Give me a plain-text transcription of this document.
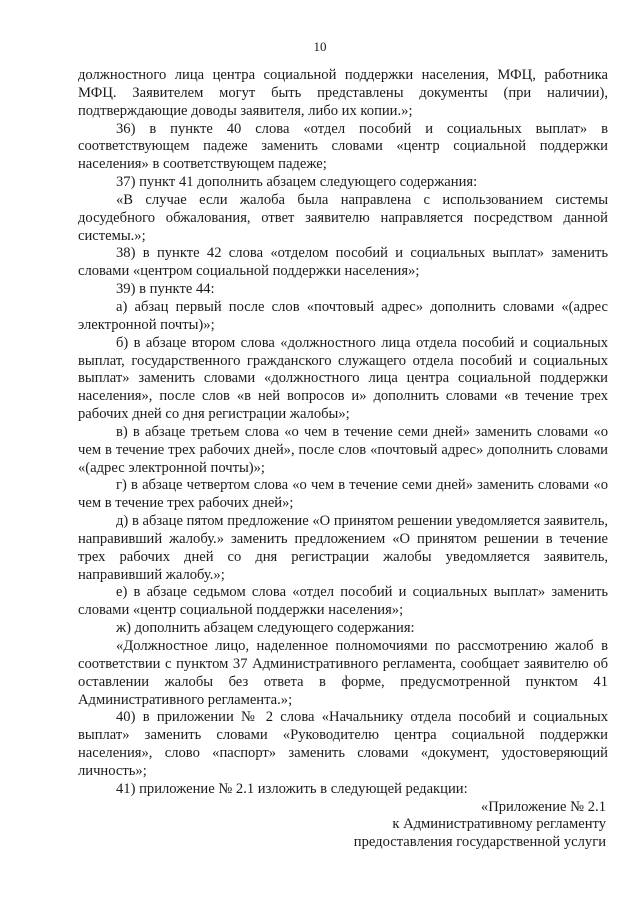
10

должностного лица центра социальной поддержки населения, МФЦ, работника МФЦ. Заявителем могут быть представлены документы (при наличии), подтверждающие доводы заявителя, либо их копии.»;

36) в пункте 40 слова «отдел пособий и социальных выплат» в соответствующем падеже заменить словами «центр социальной поддержки населения» в соответствующем падеже;

37) пункт 41 дополнить абзацем следующего содержания:

«В случае если жалоба была направлена с использованием системы досудебного обжалования, ответ заявителю направляется посредством данной системы.»;

38) в пункте 42 слова «отделом пособий и социальных выплат» заменить словами «центром социальной поддержки населения»;

39) в пункте 44:

а) абзац первый после слов «почтовый адрес» дополнить словами «(адрес электронной почты)»;

б) в абзаце втором слова «должностного лица отдела пособий и социальных выплат, государственного гражданского служащего отдела пособий и социальных выплат» заменить словами «должностного лица центра социальной поддержки населения», после слов «в ней вопросов и» дополнить словами «в течение трех рабочих дней со дня регистрации жалобы»;

в) в абзаце третьем слова «о чем в течение семи дней» заменить словами «о чем в течение трех рабочих дней», после слов «почтовый адрес» дополнить словами «(адрес электронной почты)»;

г) в абзаце четвертом слова «о чем в течение семи дней» заменить словами «о чем в течение трех рабочих дней»;

д) в абзаце пятом предложение «О принятом решении уведомляется заявитель, направивший жалобу.» заменить предложением «О принятом решении в течение трех рабочих дней со дня регистрации жалобы уведомляется заявитель, направивший жалобу.»;

е) в абзаце седьмом слова «отдел пособий и социальных выплат» заменить словами «центр социальной поддержки населения»;

ж) дополнить абзацем следующего содержания:

«Должностное лицо, наделенное полномочиями по рассмотрению жалоб в соответствии с пунктом 37 Административного регламента, сообщает заявителю об оставлении жалобы без ответа в форме, предусмотренной пунктом 41 Административного регламента.»;

40) в приложении № 2 слова «Начальнику отдела пособий и социальных выплат» заменить словами «Руководителю центра социальной поддержки населения», слово «паспорт» заменить словами «документ, удостоверяющий личность»;

41) приложение № 2.1 изложить в следующей редакции:

«Приложение № 2.1

к Административному регламенту

предоставления государственной услуги
